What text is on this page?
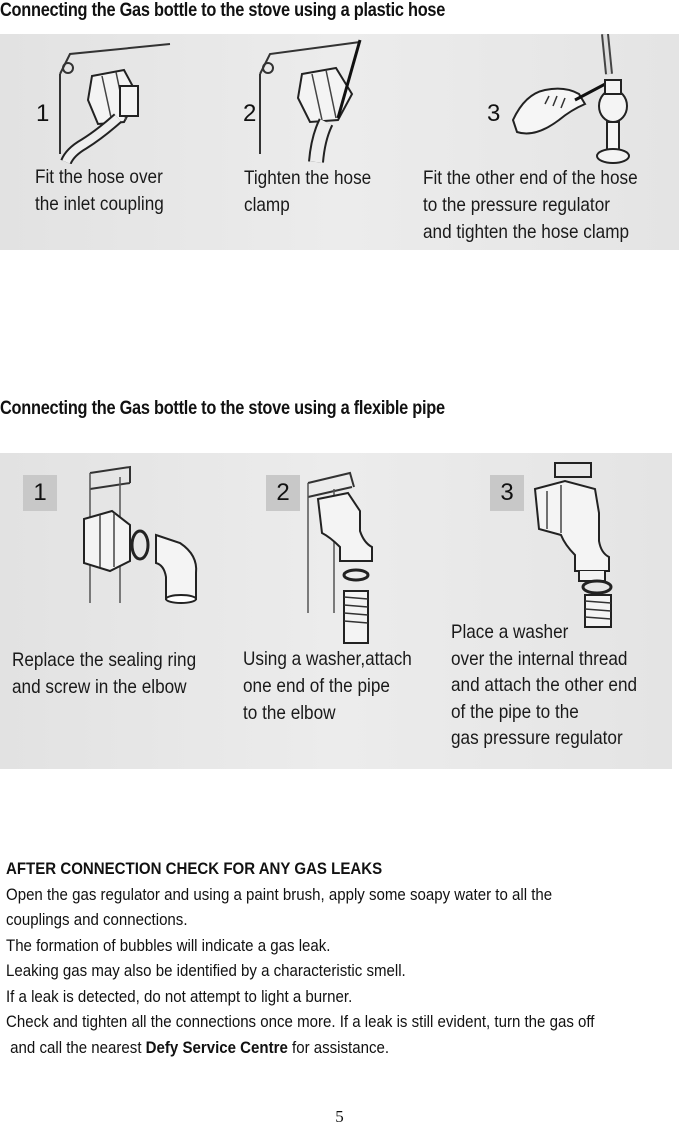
Connecting the Gas bottle to the stove using a plastic hose
1
Fit the hose over
the inlet coupling
2
Tighten the hose
clamp
3
Fit the other end of the hose
to the pressure regulator
and tighten the hose clamp
Connecting the Gas bottle to the stove using a flexible pipe
1
Replace the sealing ring
and screw in the elbow
2
Using a washer,attach
one end of the pipe
to the elbow
3
Place a washer
over the internal thread
and attach the other end
of the pipe to the
gas pressure regulator
AFTER CONNECTION CHECK FOR ANY GAS LEAKS
Open the gas regulator and using a paint brush, apply some soapy water to all the
couplings and connections.
The formation of bubbles will indicate a gas leak.
Leaking gas may also be identified by a characteristic smell.
If a leak is detected, do not attempt to light a burner.
Check and tighten all the connections once more. If a leak is still evident, turn the gas off
and call the nearest Defy Service Centre for assistance.
5
